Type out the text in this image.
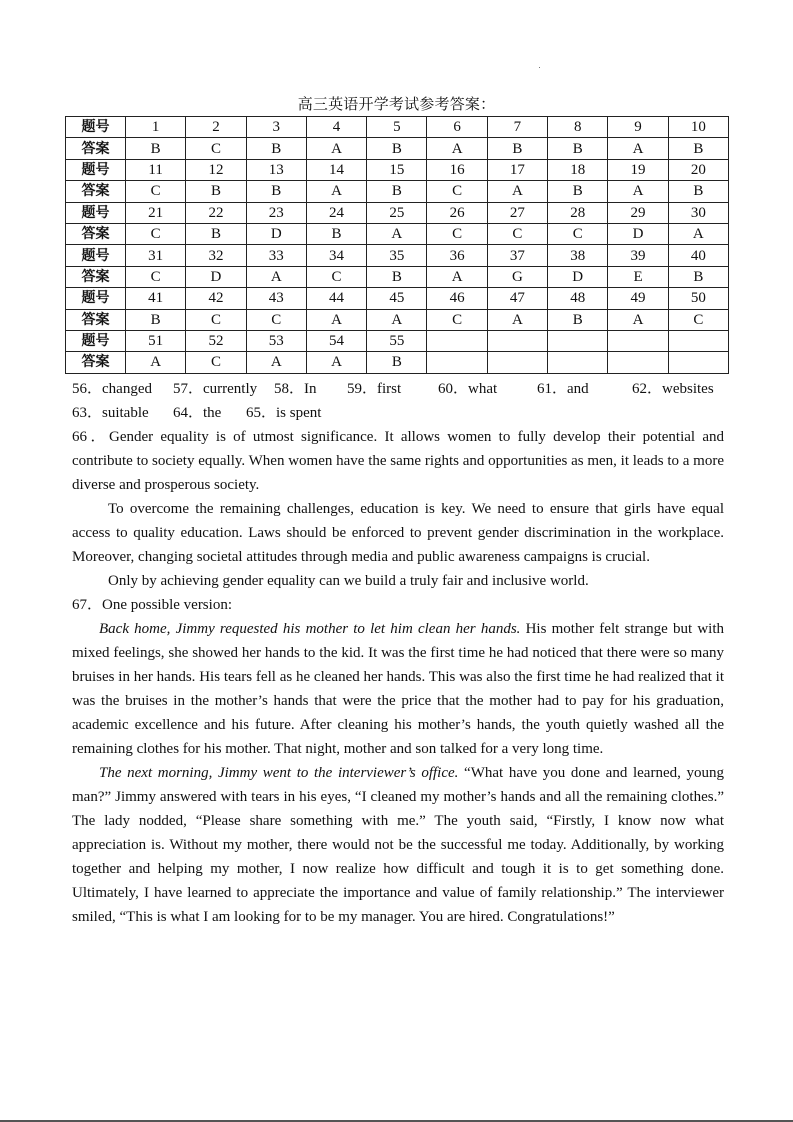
高三英语开学考试参考答案：
题号	1	2	3	4	5	6	7	8	9	10
答案	B	C	B	A	B	A	B	B	A	B
题号	11	12	13	14	15	16	17	18	19	20
答案	C	B	B	A	B	C	A	B	A	B
题号	21	22	23	24	25	26	27	28	29	30
答案	C	B	D	B	A	C	C	C	D	A
题号	31	32	33	34	35	36	37	38	39	40
答案	C	D	A	C	B	A	G	D	E	B
题号	41	42	43	44	45	46	47	48	49	50
答案	B	C	C	A	A	C	A	B	A	C
题号	51	52	53	54	55					
答案	A	C	A	A	B					
56．changed	57．currently	58．In	59．first	60．what	61．and	62．websites
63．suitable	64．the	65．is spent

66．Gender equality is of utmost significance. It allows women to fully develop their potential and contribute to society equally. When women have the same rights and opportunities as men, it leads to a more diverse and prosperous society.

To overcome the remaining challenges, education is key. We need to ensure that girls have equal access to quality education. Laws should be enforced to prevent gender discrimination in the workplace. Moreover, changing societal attitudes through media and public awareness campaigns is crucial.

Only by achieving gender equality can we build a truly fair and inclusive world.

67．One possible version:

Back home, Jimmy requested his mother to let him clean her hands. His mother felt strange but with mixed feelings, she showed her hands to the kid. It was the first time he had noticed that there were so many bruises in her hands. His tears fell as he cleaned her hands. This was also the first time he had realized that it was the bruises in the mother’s hands that were the price that the mother had to pay for his graduation, academic excellence and his future. After cleaning his mother’s hands, the youth quietly washed all the remaining clothes for his mother. That night, mother and son talked for a very long time.

The next morning, Jimmy went to the interviewer’s office. “What have you done and learned, young man?” Jimmy answered with tears in his eyes, “I cleaned my mother’s hands and all the remaining clothes.” The lady nodded, “Please share something with me.” The youth said, “Firstly, I know now what appreciation is. Without my mother, there would not be the successful me today. Additionally, by working together and helping my mother, I now realize how difficult and tough it is to get something done. Ultimately, I have learned to appreciate the importance and value of family relationship.” The interviewer smiled, “This is what I am looking for to be my manager. You are hired. Congratulations!”
